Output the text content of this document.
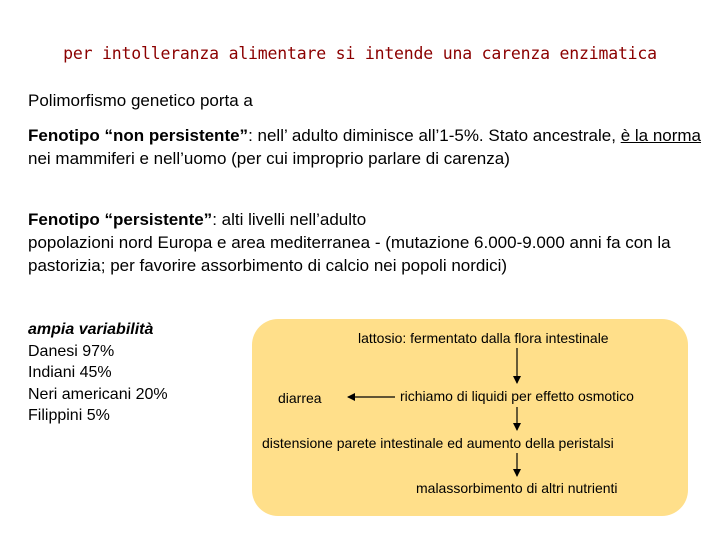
per intolleranza alimentare si intende una carenza enzimatica
Polimorfismo genetico porta a
Fenotipo “non persistente”: nell’ adulto diminisce all’1-5%. Stato ancestrale, è la norma nei mammiferi e nell’uomo (per cui improprio parlare di carenza)
Fenotipo “persistente”: alti livelli nell’adulto
popolazioni nord Europa e area mediterranea - (mutazione 6.000-9.000 anni fa con la pastorizia; per favorire assorbimento di calcio nei popoli nordici)
ampia variabilità
Danesi 97%
Indiani 45%
Neri americani 20%
Filippini 5%
lattosio: fermentato dalla flora intestinale
diarrea	richiamo di liquidi per effetto osmotico
distensione parete intestinale ed aumento della peristalsi
malassorbimento di altri nutrienti
